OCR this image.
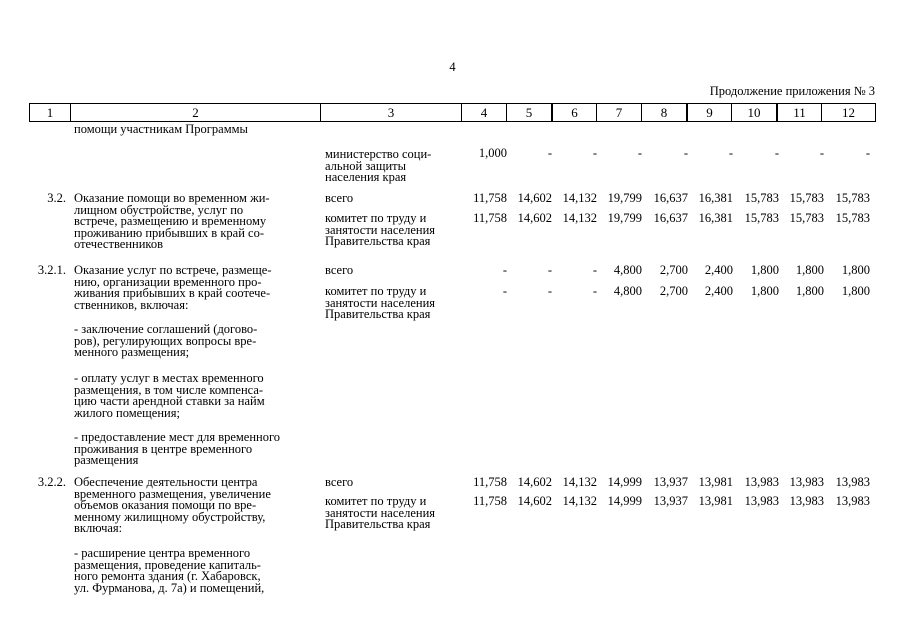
4
Продолжение приложения № 3
1	2	3	4	5	6	7	8	9	10	11	12
помощи участникам Программы
министерство соци-
альной защиты
населения края
1,000	-	-	-	-	-	-	-	-
3.2. Оказание помощи во временном жи-
лищном обустройстве, услуг по
встрече, размещению и временному
проживанию прибывших в край со-
отечественников
всего	11,758 14,602 14,132 19,799 16,637 16,381 15,783 15,783 15,783
комитет по труду и
занятости населения
Правительства края
11,758 14,602 14,132 19,799 16,637 16,381 15,783 15,783 15,783
3.2.1. Оказание услуг по встрече, размеще-
нию, организации временного про-
живания прибывших в край соотече-
ственников, включая:
всего	-	-	-	4,800	2,700	2,400	1,800	1,800	1,800
комитет по труду и
занятости населения
Правительства края
-	-	-	4,800	2,700	2,400	1,800	1,800	1,800
- заключение соглашений (догово-
ров), регулирующих вопросы вре-
менного размещения;
- оплату услуг в местах временного
размещения, в том числе компенса-
цию части арендной ставки за найм
жилого помещения;
- предоставление мест для временного
проживания в центре временного
размещения
3.2.2. Обеспечение деятельности центра
временного размещения, увеличение
объемов оказания помощи по вре-
менному жилищному обустройству,
включая:
всего	11,758 14,602 14,132 14,999 13,937 13,981 13,983 13,983 13,983
комитет по труду и
занятости населения
Правительства края
11,758 14,602 14,132 14,999 13,937 13,981 13,983 13,983 13,983
- расширение центра временного
размещения, проведение капиталь-
ного ремонта здания (г. Хабаровск,
ул. Фурманова, д. 7а) и помещений,
